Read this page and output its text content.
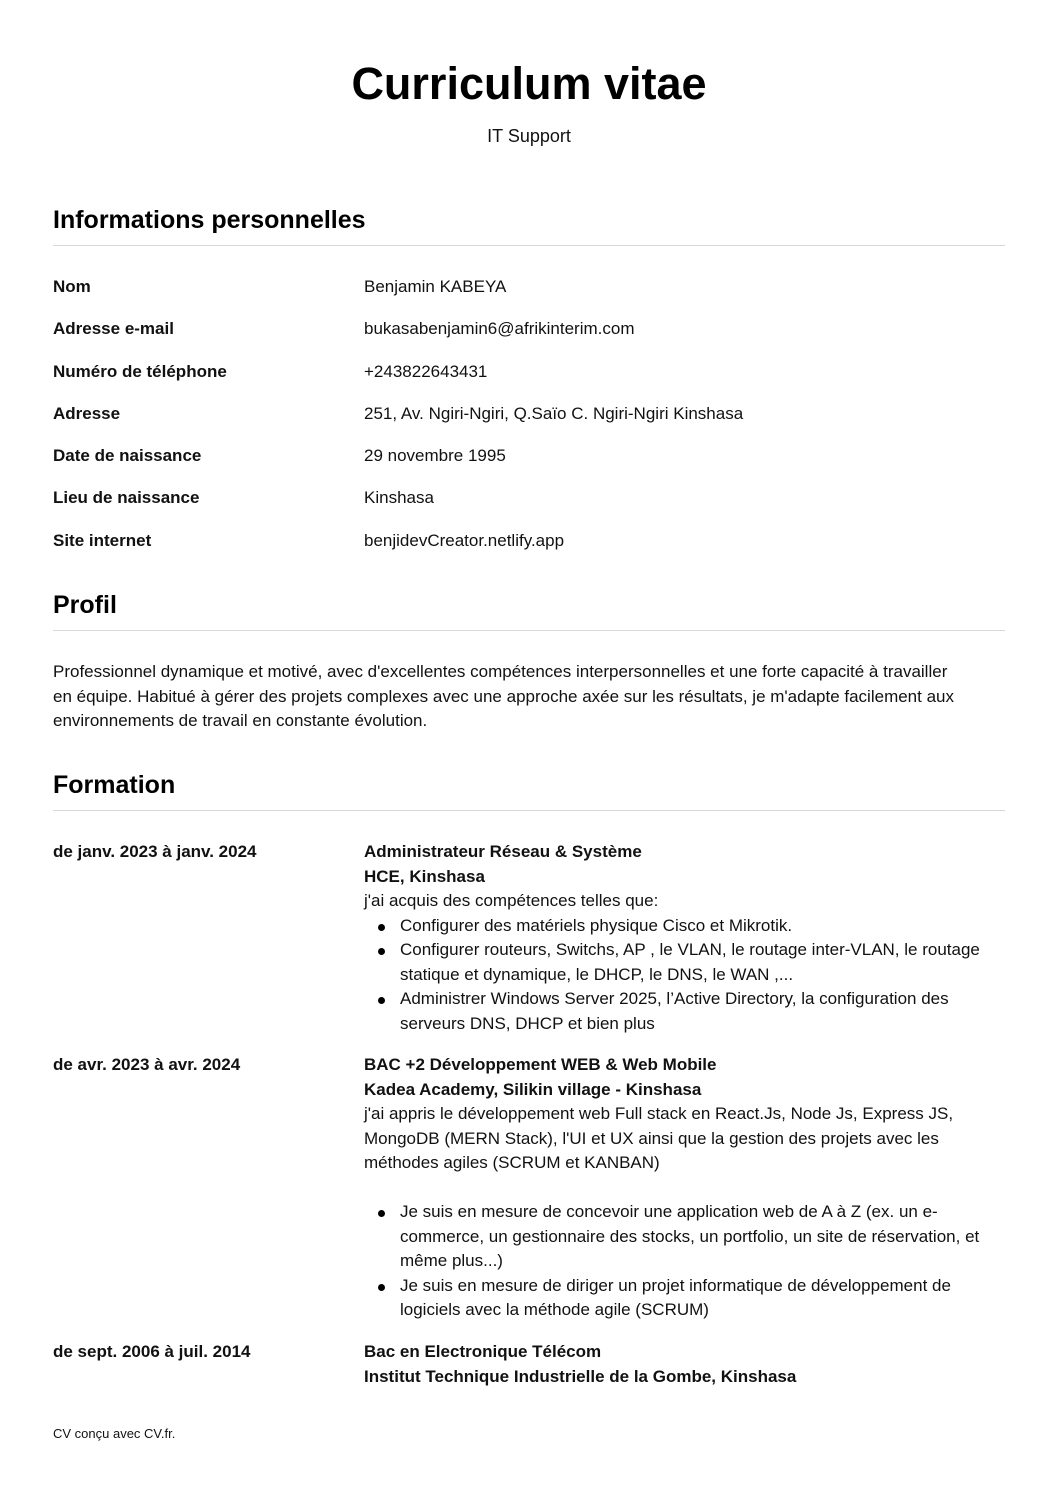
Curriculum vitae
IT Support
Informations personnelles
Nom	Benjamin KABEYA
Adresse e-mail	bukasabenjamin6@afrikinterim.com
Numéro de téléphone	+243822643431
Adresse	251, Av. Ngiri-Ngiri, Q.Saïo C. Ngiri-Ngiri Kinshasa
Date de naissance	29 novembre 1995
Lieu de naissance	Kinshasa
Site internet	benjidevCreator.netlify.app
Profil
Professionnel dynamique et motivé, avec d'excellentes compétences interpersonnelles et une forte capacité à travailler
en équipe. Habitué à gérer des projets complexes avec une approche axée sur les résultats, je m'adapte facilement aux
environnements de travail en constante évolution.
Formation
de janv. 2023 à janv. 2024	Administrateur Réseau & Système
HCE, Kinshasa
j'ai acquis des compétences telles que:
Configurer des matériels physique Cisco et Mikrotik.
Configurer routeurs, Switchs, AP , le VLAN, le routage inter-VLAN, le routage statique et dynamique, le DHCP, le DNS, le WAN ,...
Administrer Windows Server 2025, l’Active Directory, la configuration des serveurs DNS, DHCP et bien plus
de avr. 2023 à avr. 2024	BAC +2 Développement WEB & Web Mobile
Kadea Academy, Silikin village - Kinshasa
j'ai appris le développement web Full stack en React.Js, Node Js, Express JS, MongoDB (MERN Stack), l'UI et UX ainsi que la gestion des projets avec les méthodes agiles (SCRUM et KANBAN)
Je suis en mesure de concevoir une application web de A à Z (ex. un e-commerce, un gestionnaire des stocks, un portfolio, un site de réservation, et même plus...)
Je suis en mesure de diriger un projet informatique de développement de logiciels avec la méthode agile (SCRUM)
de sept. 2006 à juil. 2014	Bac en Electronique Télécom
Institut Technique Industrielle de la Gombe, Kinshasa
CV conçu avec CV.fr.
